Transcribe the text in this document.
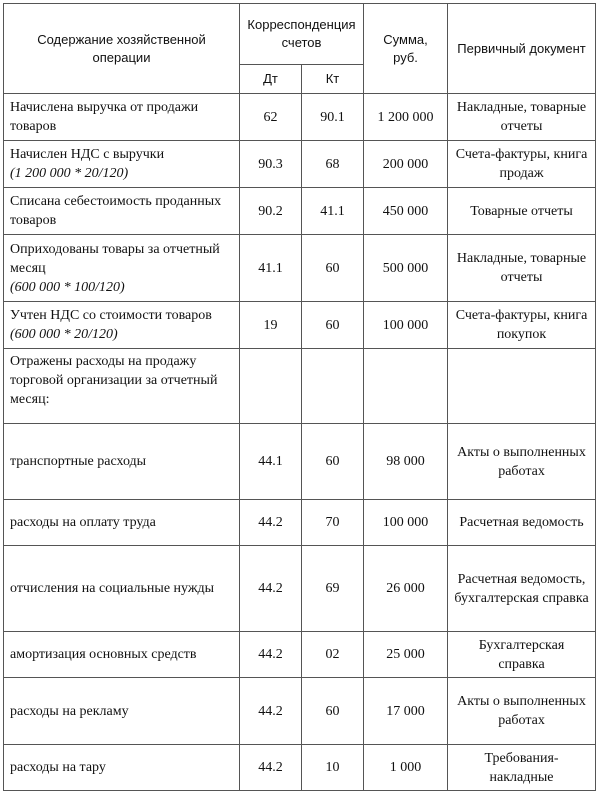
Содержание хозяйственной операции	Корреспонденция счетов		Сумма, руб.	Первичный документ
	Дт	Кт		

Начислена выручка от продажи товаров	62	90.1	1 200 000	Накладные, товарные отчеты

Начислен НДС с выручки
(1 200 000 * 20/120)	90.3	68	200 000	Счета-фактуры, книга продаж

Списана себестоимость проданных товаров	90.2	41.1	450 000	Товарные отчеты

Оприходованы товары за отчетный месяц
(600 000 * 100/120)	41.1	60	500 000	Накладные, товарные отчеты

Учтен НДС со стоимости товаров
(600 000 * 20/120)	19	60	100 000	Счета-фактуры, книга покупок

Отражены расходы на продажу торговой организации за отчетный месяц:				

транспортные расходы	44.1	60	98 000	Акты о выполненных работах

расходы на оплату труда	44.2	70	100 000	Расчетная ведомость

отчисления на социальные нужды	44.2	69	26 000	Расчетная ведомость, бухгалтерская справка

амортизация основных средств	44.2	02	25 000	Бухгалтерская справка

расходы на рекламу	44.2	60	17 000	Акты о выполненных работах

расходы на тару	44.2	10	1 000	Требования-накладные
